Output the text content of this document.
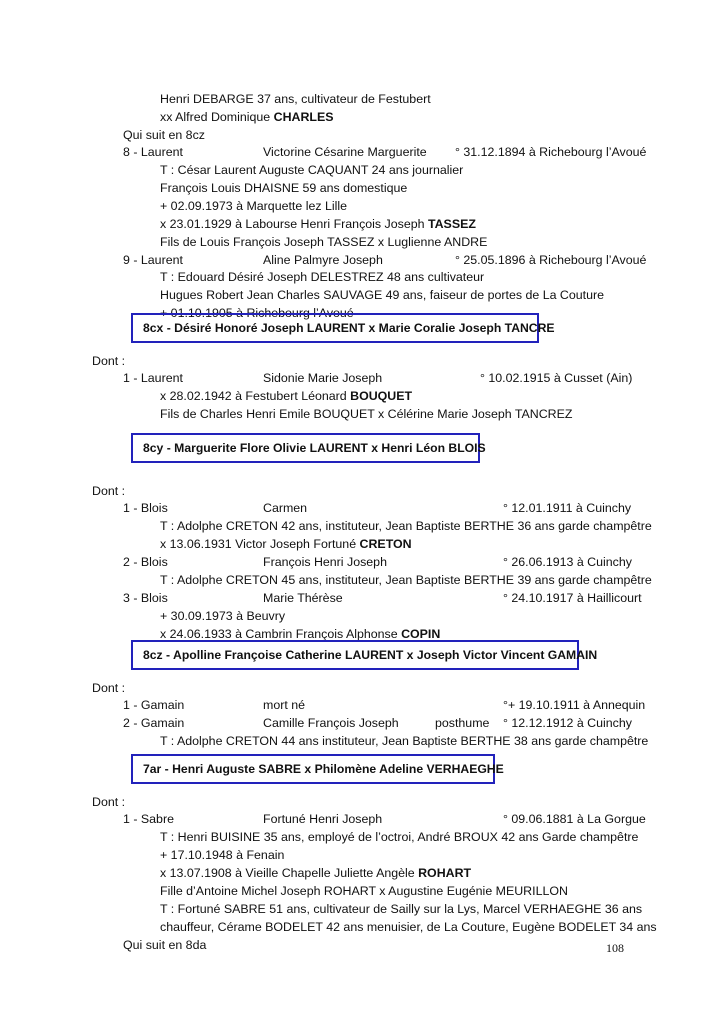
Henri DEBARGE 37 ans, cultivateur de Festubert
xx Alfred Dominique CHARLES
Qui suit en 8cz
8 - Laurent	Victorine Césarine Marguerite ° 31.12.1894 à Richebourg l’Avoué
T : César Laurent Auguste CAQUANT 24 ans journalier
François Louis DHAISNE 59 ans domestique
+ 02.09.1973 à Marquette lez Lille
x 23.01.1929 à Labourse Henri François Joseph TASSEZ
Fils de Louis François Joseph TASSEZ x Luglienne ANDRE
9 - Laurent	Aline Palmyre Joseph	° 25.05.1896 à Richebourg l’Avoué
T : Edouard Désiré Joseph DELESTREZ 48 ans cultivateur
Hugues Robert Jean Charles SAUVAGE 49 ans, faiseur de portes de La Couture
+ 01.10.1905 à Richebourg l’Avoué
8cx - Désiré Honoré Joseph LAURENT x Marie Coralie Joseph TANCRE
Dont :
1 - Laurent	Sidonie Marie Joseph	° 10.02.1915 à Cusset (Ain)
x 28.02.1942 à Festubert Léonard BOUQUET
Fils de Charles Henri Emile BOUQUET x Célérine Marie Joseph TANCREZ
8cy - Marguerite Flore Olivie LAURENT x Henri Léon BLOIS
Dont :
1 - Blois	Carmen	° 12.01.1911 à Cuinchy
T : Adolphe CRETON 42 ans, instituteur, Jean Baptiste BERTHE 36 ans garde champêtre
x 13.06.1931 Victor Joseph Fortuné CRETON
2 - Blois	François Henri Joseph	° 26.06.1913 à Cuinchy
T : Adolphe CRETON 45 ans, instituteur, Jean Baptiste BERTHE 39 ans garde champêtre
3 - Blois	Marie Thérèse	° 24.10.1917 à Haillicourt
+ 30.09.1973 à Beuvry
x 24.06.1933 à Cambrin François Alphonse COPIN
8cz - Apolline Françoise Catherine LAURENT x Joseph Victor Vincent GAMAIN
Dont :
1 - Gamain	mort né	°+ 19.10.1911 à Annequin
2 - Gamain	Camille François Joseph	posthume ° 12.12.1912 à Cuinchy
T : Adolphe CRETON 44 ans instituteur, Jean Baptiste BERTHE 38 ans garde champêtre
7ar - Henri Auguste SABRE x Philomène Adeline VERHAEGHE
Dont :
1 - Sabre	Fortuné Henri Joseph	° 09.06.1881 à La Gorgue
T : Henri BUISINE 35 ans, employé de l’octroi, André BROUX 42 ans Garde champêtre
+ 17.10.1948 à Fenain
x 13.07.1908 à Vieille Chapelle Juliette Angèle ROHART
Fille d’Antoine Michel Joseph ROHART x Augustine Eugénie MEURILLON
T : Fortuné SABRE 51 ans, cultivateur de Sailly sur la Lys, Marcel VERHAEGHE 36 ans
chauffeur, Cérame BODELET 42 ans menuisier, de La Couture, Eugène BODELET 34 ans
Qui suit en 8da	108
